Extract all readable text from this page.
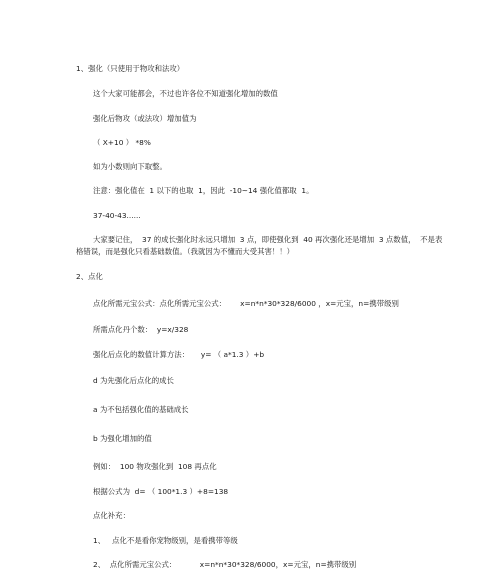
1、强化（只使用于物攻和法攻）
这个大家可能都会，不过也许各位不知道强化增加的数值
强化后物攻（或法攻）增加值为
（ X+10 ） *8%
如为小数则向下取整。
注意：强化值在  1 以下的也取  1，因此  -10~14 强化值都取  1。
37-40-43......
大家要记住，  37 的成长强化时永远只增加  3 点，即使强化到  40 再次强化还是增加  3 点数值，  不是表
格错误，而是强化只看基础数值。（我就因为不懂而大受其害！！）
2、点化
点化所需元宝公式：点化所需元宝公式：      x=n*n*30*328/6000 ，x=元宝，n=携带级别
所需点化丹个数：  y=x/328
强化后点化的数值计算方法：     y= （ a*1.3 ）+b
d 为先强化后点化的成长
a 为不包括强化值的基础成长
b 为强化增加的值
例如：  100 物攻强化到  108 再点化
根据公式为  d= （ 100*1.3 ）+8=138
点化补充：
1、   点化不是看你宠物级别，是看携带等级
2、  点化所需元宝公式：          x=n*n*30*328/6000，x=元宝，n=携带级别
